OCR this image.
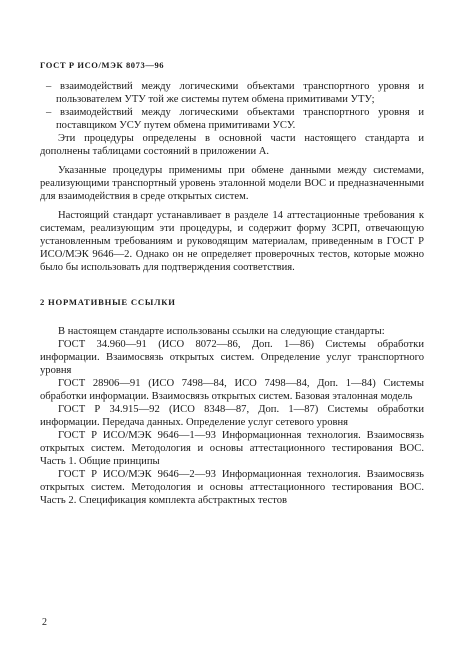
ГОСТ Р ИСО/МЭК 8073—96

– взаимодействий между логическими объектами транспортного уровня и пользователем УТУ той же системы путем обмена примитивами УТУ;

– взаимодействий между логическими объектами транспортного уровня и поставщиком УСУ путем обмена примитивами УСУ.

Эти процедуры определены в основной части настоящего стандарта и дополнены таблицами состояний в приложении А.

Указанные процедуры применимы при обмене данными между системами, реализующими транспортный уровень эталонной модели ВОС и предназначенными для взаимодействия в среде открытых систем.

Настоящий стандарт устанавливает в разделе 14 аттестационные требования к системам, реализующим эти процедуры, и содержит форму ЗСРП, отвечающую установленным требованиям и руководящим материалам, приведенным в ГОСТ Р ИСО/МЭК 9646—2. Однако он не определяет проверочных тестов, которые можно было бы использовать для подтверждения соответствия.

2 НОРМАТИВНЫЕ ССЫЛКИ

В настоящем стандарте использованы ссылки на следующие стандарты:

ГОСТ 34.960—91 (ИСО 8072—86, Доп. 1—86) Системы обработки информации. Взаимосвязь открытых систем. Определение услуг транспортного уровня

ГОСТ 28906—91 (ИСО 7498—84, ИСО 7498—84, Доп. 1—84) Системы обработки информации. Взаимосвязь открытых систем. Базовая эталонная модель

ГОСТ Р 34.915—92 (ИСО 8348—87, Доп. 1—87) Системы обработки информации. Передача данных. Определение услуг сетевого уровня

ГОСТ Р ИСО/МЭК 9646—1—93 Информационная технология. Взаимосвязь открытых систем. Методология и основы аттестационного тестирования ВОС. Часть 1. Общие принципы

ГОСТ Р ИСО/МЭК 9646—2—93 Информационная технология. Взаимосвязь открытых систем. Методология и основы аттестационного тестирования ВОС. Часть 2. Спецификация комплекта абстрактных тестов

2
